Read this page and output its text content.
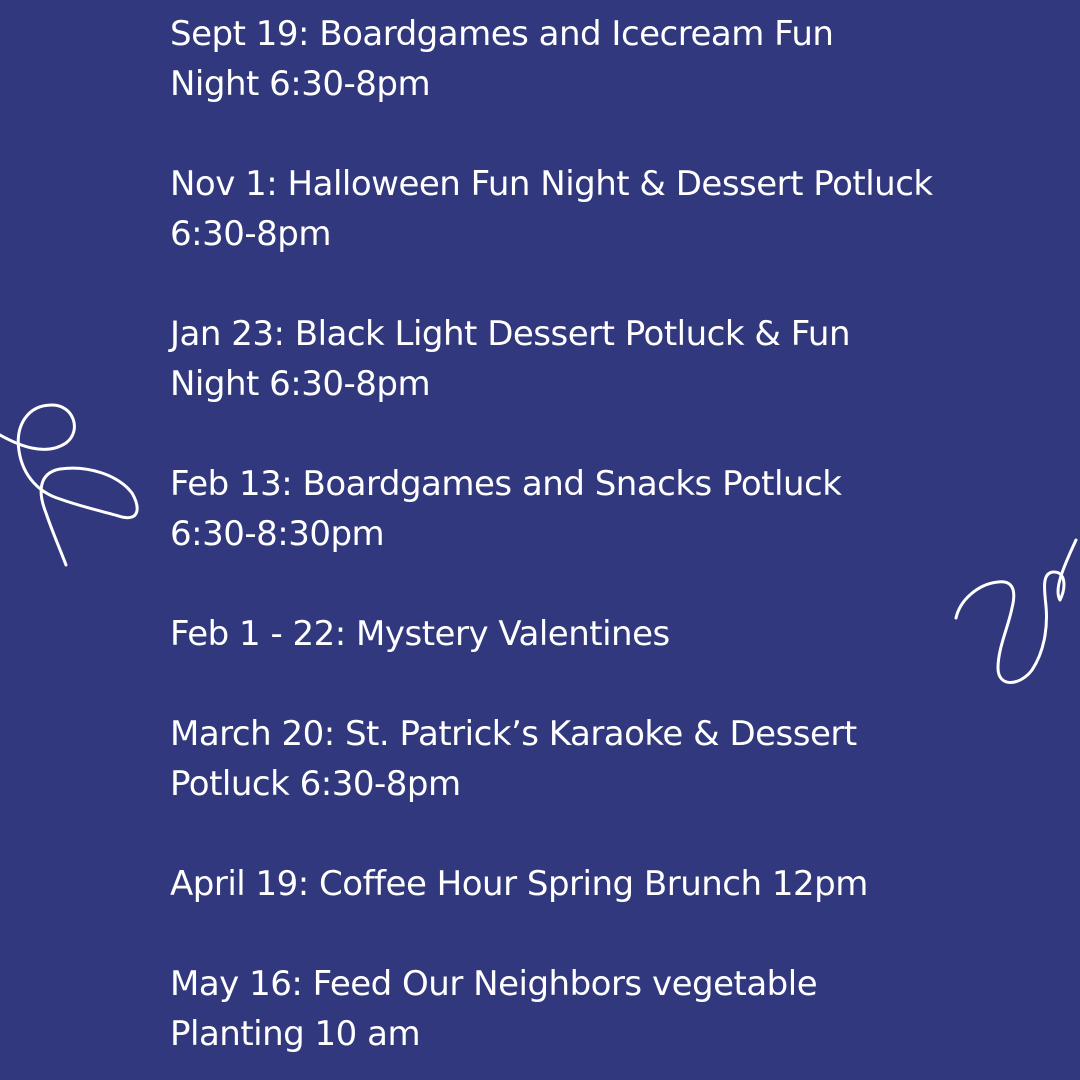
Sept 19: Boardgames and Icecream Fun
Night 6:30-8pm
Nov 1: Halloween Fun Night & Dessert Potluck
6:30-8pm
Jan 23: Black Light Dessert Potluck & Fun
Night 6:30-8pm
Feb 13: Boardgames and Snacks Potluck
6:30-8:30pm
Feb 1 - 22: Mystery Valentines
March 20: St. Patrick’s Karaoke & Dessert
Potluck 6:30-8pm
April 19: Coffee Hour Spring Brunch 12pm
May 16: Feed Our Neighbors vegetable
Planting 10 am
